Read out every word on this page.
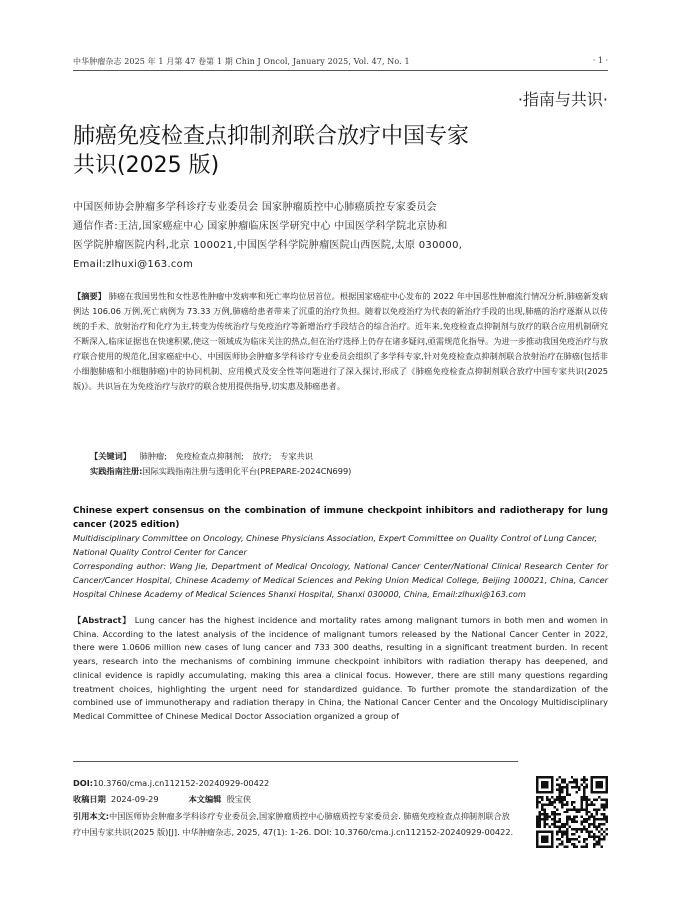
中华肿瘤杂志 2025 年 1 月第 47 卷第 1 期 Chin J Oncol, January 2025, Vol. 47, No. 1	· 1 ·
·指南与共识·
肺癌免疫检查点抑制剂联合放疗中国专家
共识(2025 版)
中国医师协会肿瘤多学科诊疗专业委员会 国家肿瘤质控中心肺癌质控专家委员会
通信作者:王洁,国家癌症中心 国家肿瘤临床医学研究中心 中国医学科学院北京协和
医学院肿瘤医院内科,北京 100021,中国医学科学院肿瘤医院山西医院,太原 030000,
Email:zlhuxi@163.com
【摘要】 肺癌在我国男性和女性恶性肿瘤中发病率和死亡率均位居首位。根据国家癌症中心发布的 2022 年中国恶性肿瘤流行情况分析,肺癌新发病例达 106.06 万例,死亡病例为 73.33 万例,肺癌给患者带来了沉重的治疗负担。随着以免疫治疗为代表的新治疗手段的出现,肺癌的治疗逐渐从以传统的手术、放射治疗和化疗为主,转变为传统治疗与免疫治疗等新增治疗手段结合的综合治疗。近年来,免疫检查点抑制剂与放疗的联合应用机制研究不断深入,临床证据也在快速积累,使这一领域成为临床关注的热点,但在治疗选择上仍存在诸多疑问,亟需规范化指导。为进一步推动我国免疫治疗与放疗联合使用的规范化,国家癌症中心、中国医师协会肿瘤多学科诊疗专业委员会组织了多学科专家,针对免疫检查点抑制剂联合放射治疗在肺癌(包括非小细胞肺癌和小细胞肺癌)中的协同机制、应用模式及安全性等问题进行了深入探讨,形成了《肺癌免疫检查点抑制剂联合放疗中国专家共识(2025 版)》。共识旨在为免疫治疗与放疗的联合使用提供指导,切实惠及肺癌患者。
【关键词】 肺肿瘤; 免疫检查点抑制剂; 放疗; 专家共识
实践指南注册:国际实践指南注册与透明化平台(PREPARE-2024CN699)
Chinese expert consensus on the combination of immune checkpoint inhibitors and radiotherapy for lung cancer (2025 edition)
Multidisciplinary Committee on Oncology, Chinese Physicians Association, Expert Committee on Quality Control of Lung Cancer, National Quality Control Center for Cancer
Corresponding author: Wang Jie, Department of Medical Oncology, National Cancer Center/National Clinical Research Center for Cancer/Cancer Hospital, Chinese Academy of Medical Sciences and Peking Union Medical College, Beijing 100021, China, Cancer Hospital Chinese Academy of Medical Sciences Shanxi Hospital, Shanxi 030000, China, Email:zlhuxi@163.com
【Abstract】 Lung cancer has the highest incidence and mortality rates among malignant tumors in both men and women in China. According to the latest analysis of the incidence of malignant tumors released by the National Cancer Center in 2022, there were 1.0606 million new cases of lung cancer and 733 300 deaths, resulting in a significant treatment burden. In recent years, research into the mechanisms of combining immune checkpoint inhibitors with radiation therapy has deepened, and clinical evidence is rapidly accumulating, making this area a clinical focus. However, there are still many questions regarding treatment choices, highlighting the urgent need for standardized guidance. To further promote the standardization of the combined use of immunotherapy and radiation therapy in China, the National Cancer Center and the Oncology Multidisciplinary Medical Committee of Chinese Medical Doctor Association organized a group of
DOI:10.3760/cma.j.cn112152-20240929-00422
收稿日期 2024-09-29	本文编辑 殷宝侠
引用本文:中国医师协会肿瘤多学科诊疗专业委员会,国家肿瘤质控中心肺癌质控专家委员会. 肺癌免疫检查点抑制剂联合放疗中国专家共识(2025 版)[J]. 中华肿瘤杂志, 2025, 47(1): 1-26. DOI: 10.3760/cma.j.cn112152-20240929-00422.
